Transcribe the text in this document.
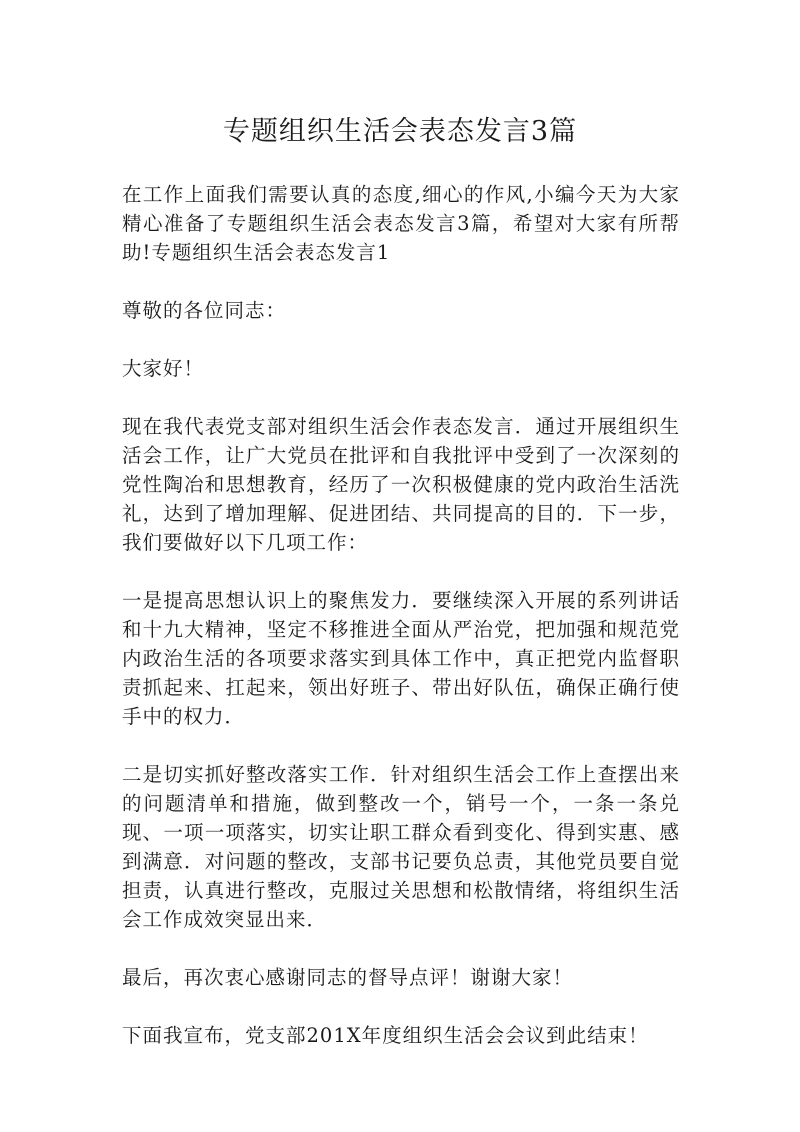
专题组织生活会表态发言3篇

在工作上面我们需要认真的态度,细心的作风,小编今天为大家精心准备了专题组织生活会表态发言3篇，希望对大家有所帮助!专题组织生活会表态发言1

尊敬的各位同志：

大家好！

现在我代表党支部对组织生活会作表态发言．通过开展组织生活会工作，让广大党员在批评和自我批评中受到了一次深刻的党性陶冶和思想教育，经历了一次积极健康的党内政治生活洗礼，达到了增加理解、促进团结、共同提高的目的．下一步，我们要做好以下几项工作：

一是提高思想认识上的聚焦发力．要继续深入开展的系列讲话和十九大精神，坚定不移推进全面从严治党，把加强和规范党内政治生活的各项要求落实到具体工作中，真正把党内监督职责抓起来、扛起来，领出好班子、带出好队伍，确保正确行使手中的权力．

二是切实抓好整改落实工作．针对组织生活会工作上查摆出来的问题清单和措施，做到整改一个，销号一个，一条一条兑现、一项一项落实，切实让职工群众看到变化、得到实惠、感到满意．对问题的整改，支部书记要负总责，其他党员要自觉担责，认真进行整改，克服过关思想和松散情绪，将组织生活会工作成效突显出来．

最后，再次衷心感谢同志的督导点评！谢谢大家！

下面我宣布，党支部201X年度组织生活会会议到此结束！
